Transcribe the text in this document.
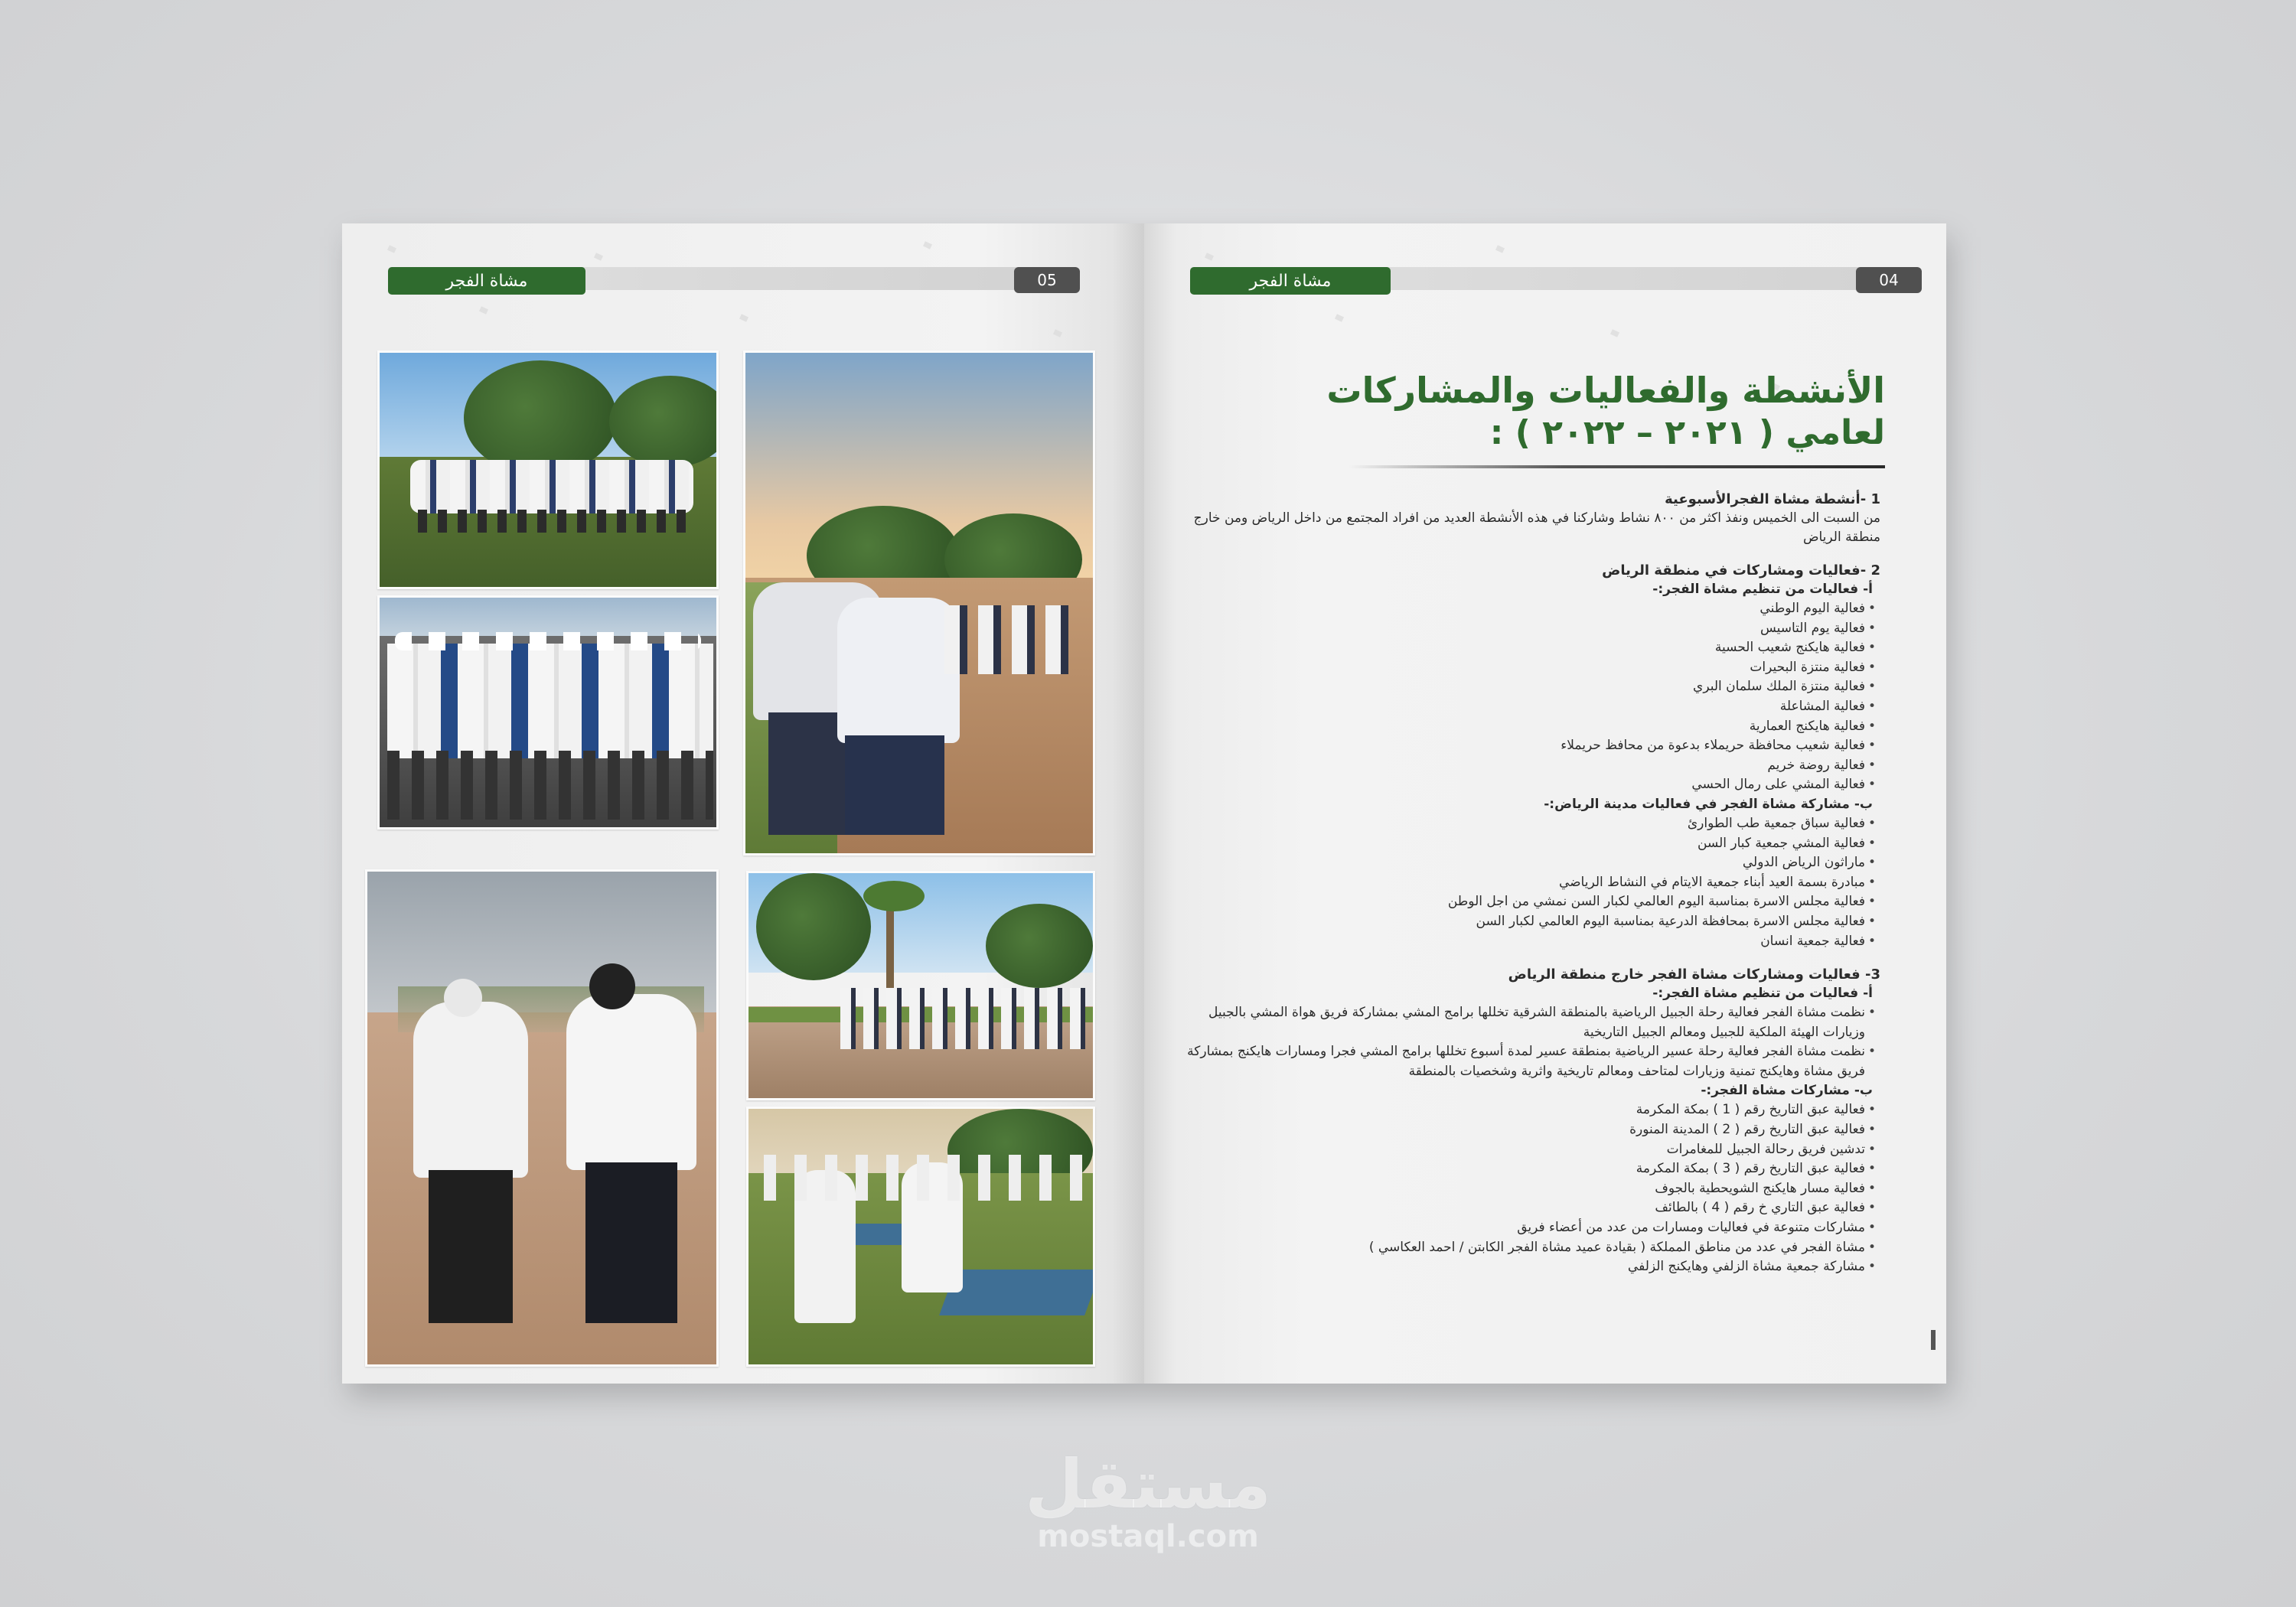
مشاة الفجر	05	مشاة الفجر	04
الأنشطة والفعاليات والمشاركات
لعامي ( ٢٠٢١ – ٢٠٢٢ ) :
1 -أنشطة مشاة الفجرالأسبوعية
من السبت الى الخميس ونفذ اكثر من ٨٠٠ نشاط وشاركنا في هذه الأنشطة العديد من افراد المجتمع من داخل الرياض ومن خارج منطقة الرياض
2 -فعاليات ومشاركات في منطقة الرياض
أ- فعاليات من تنظيم مشاة الفجر:-
• فعالية اليوم الوطني
• فعالية يوم التاسيس
• فعالية هايكنج شعيب الحسية
• فعالية منتزة البحيرات
• فعالية منتزة الملك سلمان البري
• فعالية المشاعلة
• فعالية هايكنج العمارية
• فعالية شعيب محافظة حريملاء بدعوة من محافظ حريملاء
• فعالية روضة خريم
• فعالية المشي على رمال الحسي
ب- مشاركة مشاة الفجر في فعاليات مدينة الرياض:-
• فعالية سباق جمعية طب الطوارئ
• فعالية المشي جمعية كبار السن
• ماراثون الرياض الدولي
• مبادرة بسمة العيد أبناء جمعية الايتام في النشاط الرياضي
• فعالية مجلس الاسرة بمناسبة اليوم العالمي لكبار السن نمشي من اجل الوطن
• فعالية مجلس الاسرة بمحافظة الدرعية بمناسبة اليوم العالمي لكبار السن
• فعالية جمعية انسان
3- فعاليات ومشاركات مشاة الفجر خارج منطقة الرياض
أ- فعاليات من تنظيم مشاة الفجر:-
• نظمت مشاة الفجر فعالية رحلة الجبيل الرياضية بالمنطقة الشرقية تخللها برامج المشي بمشاركة فريق هواة المشي بالجبيل وزيارات الهيئة الملكية للجبيل ومعالم الجبيل التاريخية
• نظمت مشاة الفجر فعالية رحلة عسير الرياضية بمنطقة عسير لمدة أسبوع تخللها برامج المشي فجرا ومسارات هايكنج بمشاركة فريق مشاة وهايكنج تمنية وزيارات لمتاحف ومعالم تاريخية واثرية وشخصيات بالمنطقة
ب- مشاركات مشاة الفجر:-
• فعالية عبق التاريخ رقم ( 1 ) بمكة المكرمة
• فعالية عبق التاريخ رقم ( 2 ) المدينة المنورة
• تدشين فريق رحالة الجبيل للمغامرات
• فعالية عبق التاريخ رقم ( 3 ) بمكة المكرمة
• فعالية مسار هايكنج الشويحطية بالجوف
• فعالية عبق التاري خ رقم ( 4 ) بالطائف
• مشاركات متنوعة في فعاليات ومسارات من عدد من أعضاء فريق
• مشاة الفجر في عدد من مناطق المملكة ( بقيادة عميد مشاة الفجر الكابتن / احمد العكاسي )
• مشاركة جمعية مشاة الزلفي وهايكنج الزلفي
مستقل
mostaql.com
